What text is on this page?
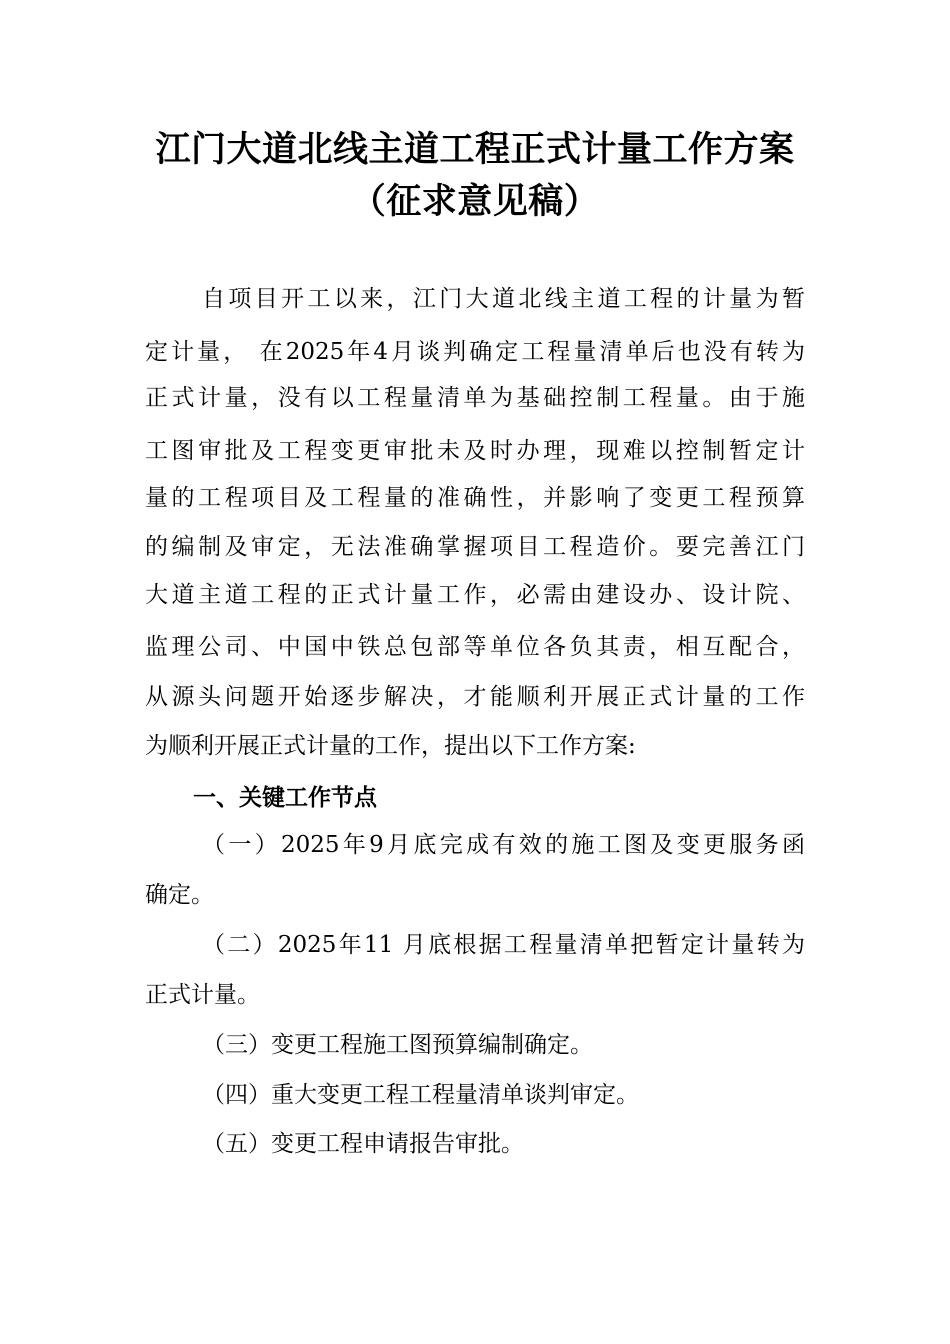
江门大道北线主道工程正式计量工作方案
（征求意见稿）
自项目开工以来，江门大道北线主道工程的计量为暂
定计量， 在2025年4月谈判确定工程量清单后也没有转为
正式计量，没有以工程量清单为基础控制工程量。由于施
工图审批及工程变更审批未及时办理，现难以控制暂定计
量的工程项目及工程量的准确性，并影响了变更工程预算
的编制及审定，无法准确掌握项目工程造价。要完善江门
大道主道工程的正式计量工作，必需由建设办、设计院、
监理公司、中国中铁总包部等单位各负其责，相互配合，
从源头问题开始逐步解决，才能顺利开展正式计量的工作
为顺利开展正式计量的工作，提出以下工作方案:
一、关键工作节点
（一）2025年9月底完成有效的施工图及变更服务函
确定。
（二）2025年11 月底根据工程量清单把暂定计量转为
正式计量。
（三）变更工程施工图预算编制确定。
（四）重大变更工程工程量清单谈判审定。
（五）变更工程申请报告审批。
